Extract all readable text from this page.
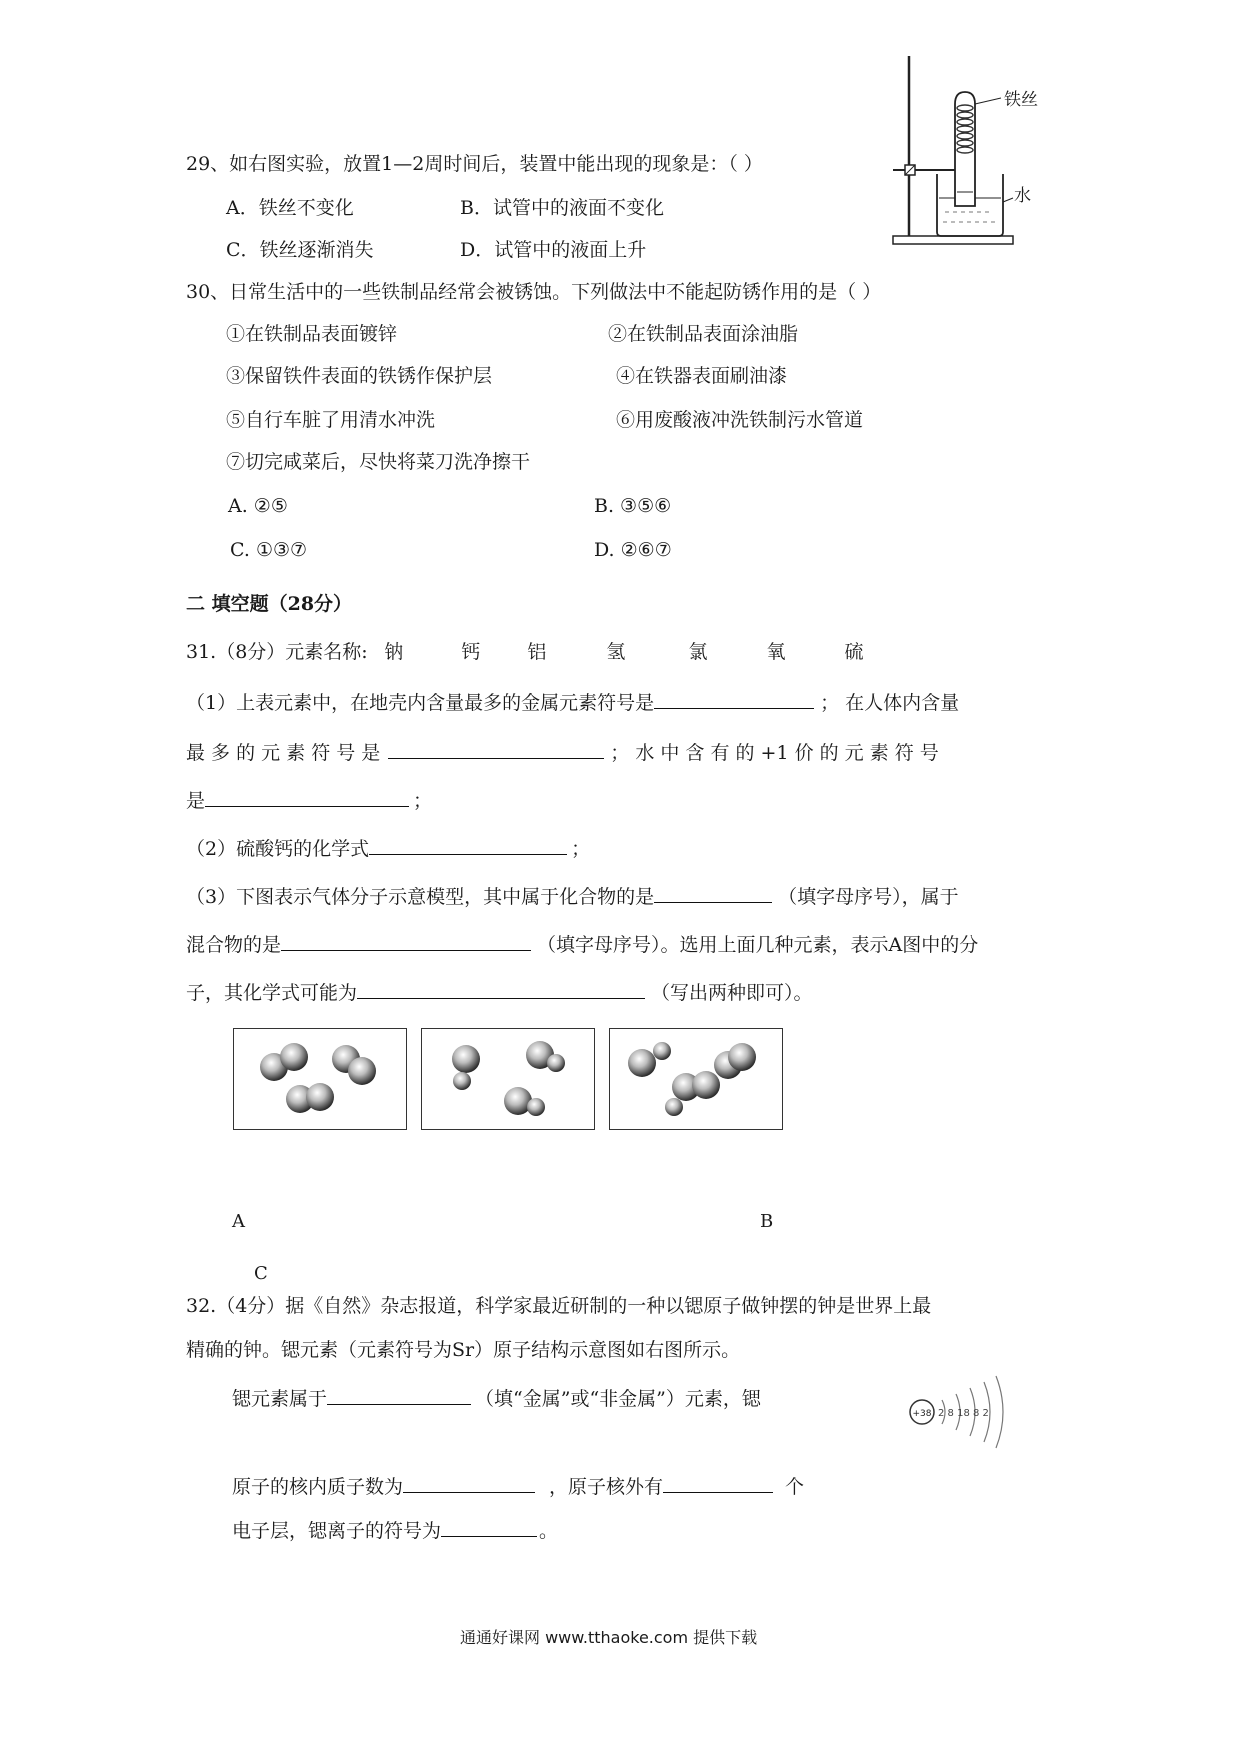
29、如右图实验，放置1—2周时间后，装置中能出现的现象是：（ ）
A．铁丝不变化	B．试管中的液面不变化
C．铁丝逐渐消失	D．试管中的液面上升
铁丝
水
30、日常生活中的一些铁制品经常会被锈蚀。下列做法中不能起防锈作用的是（ ）
①在铁制品表面镀锌	②在铁制品表面涂油脂
③保留铁件表面的铁锈作保护层	④在铁器表面刷油漆
⑤自行车脏了用清水冲洗	⑥用废酸液冲洗铁制污水管道
⑦切完咸菜后，尽快将菜刀洗净擦干
A. ②⑤	B. ③⑤⑥
C. ①③⑦	D. ②⑥⑦
二 填空题（28分）
31.（8分）元素名称: 钠	钙 铝	氢	氯	氧	硫
（1）上表元素中，在地壳内含量最多的金属元素符号是	； 在人体内含量
最 多 的 元 素 符 号 是	； 水 中 含 有 的 +1 价 的 元 素 符 号
是	；
（2）硫酸钙的化学式	；
（3）下图表示气体分子示意模型，其中属于化合物的是	（填字母序号），属于
混合物的是	（填字母序号）。选用上面几种元素，表示A图中的分
子，其化学式可能为	（写出两种即可）。
A	B
C
32.（4分）据《自然》杂志报道，科学家最近研制的一种以锶原子做钟摆的钟是世界上最
精确的钟。锶元素（元素符号为Sr）原子结构示意图如右图所示。
锶元素属于	（填“金属”或“非金属”）元素，锶
原子的核内质子数为	，原子核外有	个
电子层，锶离子的符号为	。
+38 2 8 18 8 2
通通好课网 www.tthaoke.com 提供下载
